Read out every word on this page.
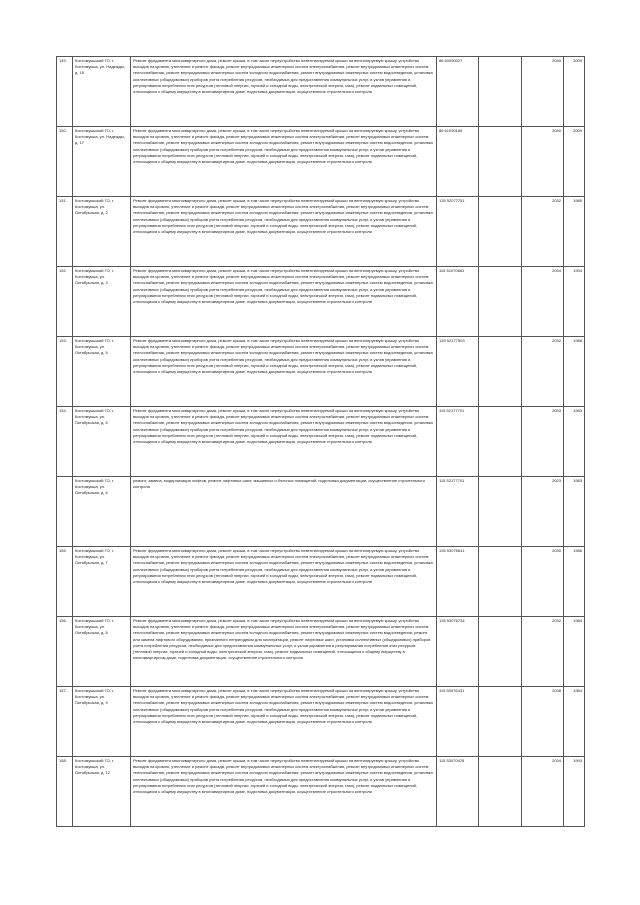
149.	Костомукшский ГО, г. Костомукша, ул. Надежды, д. 15	Ремонт фундамента многоквартирного дома, ремонт крыши, в том числе переустройство невентилируемой крыши на вентилируемую крышу, устройство выходов на кровлю, утепление и ремонт фасада, ремонт внутридомовых инженерных систем электроснабжения, ремонт внутридомовых инженерных систем теплоснабжения, ремонт внутридомовых инженерных систем холодного водоснабжения, ремонт внутридомовых инженерных систем водоотведения, установка коллективных (общедомовых) приборов учета потребления ресурсов, необходимых для предоставления коммунальных услуг, и узлов управления и регулирования потребления этих ресурсов (тепловой энергии, горячей и холодной воды, электрической энергии, газа), ремонт подвальных помещений, относящихся к общему имуществу в многоквартирном доме, подготовка документации, осуществление строительного контроля	86 60090027		2040	2009
150.	Костомукшский ГО, г. Костомукша, ул. Надежды, д. 17	Ремонт фундамента многоквартирного дома, ремонт крыши, в том числе переустройство невентилируемой крыши на вентилируемую крышу, устройство выходов на кровлю, утепление и ремонт фасада, ремонт внутридомовых инженерных систем электроснабжения, ремонт внутридомовых инженерных систем теплоснабжения, ремонт внутридомовых инженерных систем холодного водоснабжения, ремонт внутридомовых инженерных систем водоотведения, установка коллективных (общедомовых) приборов учета потребления ресурсов, необходимых для предоставления коммунальных услуг, и узлов управления и регулирования потребления этих ресурсов (тепловой энергии, горячей и холодной воды, электрической энергии, газа), ремонт подвальных помещений, относящихся к общему имуществу в многоквартирном доме, подготовка документации, осуществление строительного контроля	86 61090166		2040	2009
151.	Костомукшский ГО, г. Костомукша, ул. Октябрьская, д. 2	Ремонт фундамента многоквартирного дома, ремонт крыши, в том числе переустройство невентилируемой крыши на вентилируемую крышу, устройство выходов на кровлю, утепление и ремонт фасада, ремонт внутридомовых инженерных систем электроснабжения, ремонт внутридомовых инженерных систем теплоснабжения, ремонт внутридомовых инженерных систем холодного водоснабжения, ремонт внутридомовых инженерных систем водоотведения, установка коллективных (общедомовых) приборов учета потребления ресурсов, необходимых для предоставления коммунальных услуг, и узлов управления и регулирования потребления этих ресурсов (тепловой энергии, горячей и холодной воды, электрической энергии, газа), ремонт подвальных помещений, относящихся к общему имуществу в многоквартирном доме, подготовка документации, осуществление строительного контроля	135 52077751		2032	1985
152.	Костомукшский ГО, г. Костомукша, ул. Октябрьская, д. 3	Ремонт фундамента многоквартирного дома, ремонт крыши, в том числе переустройство невентилируемой крыши на вентилируемую крышу, устройство выходов на кровлю, утепление и ремонт фасада, ремонт внутридомовых инженерных систем электроснабжения, ремонт внутридомовых инженерных систем теплоснабжения, ремонт внутридомовых инженерных систем холодного водоснабжения, ремонт внутридомовых инженерных систем водоотведения, установка коллективных (общедомовых) приборов учета потребления ресурсов, необходимых для предоставления коммунальных услуг, и узлов управления и регулирования потребления этих ресурсов (тепловой энергии, горячей и холодной воды, электрической энергии, газа), ремонт подвальных помещений, относящихся к общему имуществу в многоквартирном доме, подготовка документации, осуществление строительного контроля	115 51070681		2034	1994
153.	Костомукшский ГО, г. Костомукша, ул. Октябрьская, д. 5	Ремонт фундамента многоквартирного дома, ремонт крыши, в том числе переустройство невентилируемой крыши на вентилируемую крышу, устройство выходов на кровлю, утепление и ремонт фасада, ремонт внутридомовых инженерных систем электроснабжения, ремонт внутридомовых инженерных систем теплоснабжения, ремонт внутридомовых инженерных систем холодного водоснабжения, ремонт внутридомовых инженерных систем водоотведения, установка коллективных (общедомовых) приборов учета потребления ресурсов, необходимых для предоставления коммунальных услуг, и узлов управления и регулирования потребления этих ресурсов (тепловой энергии, горячей и холодной воды, электрической энергии, газа), ремонт подвальных помещений, относящихся к общему имуществу в многоквартирном доме, подготовка документации, осуществление строительного контроля	139 52177503		2032	1988
154.	Костомукшский ГО, г. Костомукша, ул. Октябрьская, д. 6	Ремонт фундамента многоквартирного дома, ремонт крыши, в том числе переустройство невентилируемой крыши на вентилируемую крышу, устройство выходов на кровлю, утепление и ремонт фасада, ремонт внутридомовых инженерных систем электроснабжения, ремонт внутридомовых инженерных систем теплоснабжения, ремонт внутридомовых инженерных систем холодного водоснабжения, ремонт внутридомовых инженерных систем водоотведения, установка коллективных (общедомовых) приборов учета потребления ресурсов, необходимых для предоставления коммунальных услуг, и узлов управления и регулирования потребления этих ресурсов (тепловой энергии, горячей и холодной воды, электрической энергии, газа), ремонт подвальных помещений, относящихся к общему имуществу в многоквартирном доме, подготовка документации, осуществление строительного контроля	115 52177701		2033	1983
	Костомукшский ГО, г. Костомукша, ул. Октябрьская, д. 6	ремонт, замена, модернизация лифтов, ремонт лифтовых шахт, машинных и блочных помещений, подготовка документации, осуществление строительного контроля	115 52177701		2023	1983
155.	Костомукшский ГО, г. Костомукша, ул. Октябрьская, д. 7	Ремонт фундамента многоквартирного дома, ремонт крыши, в том числе переустройство невентилируемой крыши на вентилируемую крышу, устройство выходов на кровлю, утепление и ремонт фасада, ремонт внутридомовых инженерных систем электроснабжения, ремонт внутридомовых инженерных систем теплоснабжения, ремонт внутридомовых инженерных систем холодного водоснабжения, ремонт внутридомовых инженерных систем водоотведения, установка коллективных (общедомовых) приборов учета потребления ресурсов, необходимых для предоставления коммунальных услуг, и узлов управления и регулирования потребления этих ресурсов (тепловой энергии, горячей и холодной воды, электрической энергии, газа), ремонт подвальных помещений, относящихся к общему имуществу в многоквартирном доме, подготовка документации, осуществление строительного контроля	135 53076641		2030	1986
156.	Костомукшский ГО, г. Костомукша, ул. Октябрьская, д. 8	Ремонт фундамента многоквартирного дома, ремонт крыши, в том числе переустройство невентилируемой крыши на вентилируемую крышу, устройство выходов на кровлю, утепление и ремонт фасада, ремонт внутридомовых инженерных систем электроснабжения, ремонт внутридомовых инженерных систем теплоснабжения, ремонт внутридомовых инженерных систем холодного водоснабжения, ремонт внутридомовых инженерных систем водоотведения, ремонт или замена лифтового оборудования, признанного непригодным для эксплуатации, ремонт лифтовых шахт, установка коллективных (общедомовых) приборов учета потребления ресурсов, необходимых для предоставления коммунальных услуг, и узлов управления и регулирования потребления этих ресурсов (тепловой энергии, горячей и холодной воды, электрической энергии, газа), ремонт подвальных помещений, относящихся к общему имуществу в многоквартирном доме, подготовка документации, осуществление строительного контроля	135 53076734		2032	1984
157.	Костомукшский ГО, г. Костомукша, ул. Октябрьская, д. 9	Ремонт фундамента многоквартирного дома, ремонт крыши, в том числе переустройство невентилируемой крыши на вентилируемую крышу, устройство выходов на кровлю, утепление и ремонт фасада, ремонт внутридомовых инженерных систем электроснабжения, ремонт внутридомовых инженерных систем теплоснабжения, ремонт внутридомовых инженерных систем холодного водоснабжения, ремонт внутридомовых инженерных систем водоотведения, установка коллективных (общедомовых) приборов учета потребления ресурсов, необходимых для предоставления коммунальных услуг, и узлов управления и регулирования потребления этих ресурсов (тепловой энергии, горячей и холодной воды, электрической энергии, газа), ремонт подвальных помещений, относящихся к общему имуществу в многоквартирном доме, подготовка документации, осуществление строительного контроля	115 50076431		2038	1984
158.	Костомукшский ГО, г. Костомукша, ул. Октябрьская, д. 12	Ремонт фундамента многоквартирного дома, ремонт крыши, в том числе переустройство невентилируемой крыши на вентилируемую крышу, устройство выходов на кровлю, утепление и ремонт фасада, ремонт внутридомовых инженерных систем электроснабжения, ремонт внутридомовых инженерных систем теплоснабжения, ремонт внутридомовых инженерных систем холодного водоснабжения, ремонт внутридомовых инженерных систем водоотведения, установка коллективных (общедомовых) приборов учета потребления ресурсов, необходимых для предоставления коммунальных услуг, и узлов управления и регулирования потребления этих ресурсов (тепловой энергии, горячей и холодной воды, электрической энергии, газа), ремонт подвальных помещений, относящихся к общему имуществу в многоквартирном доме, подготовка документации, осуществление строительного контроля	115 53070478		2034	1993
